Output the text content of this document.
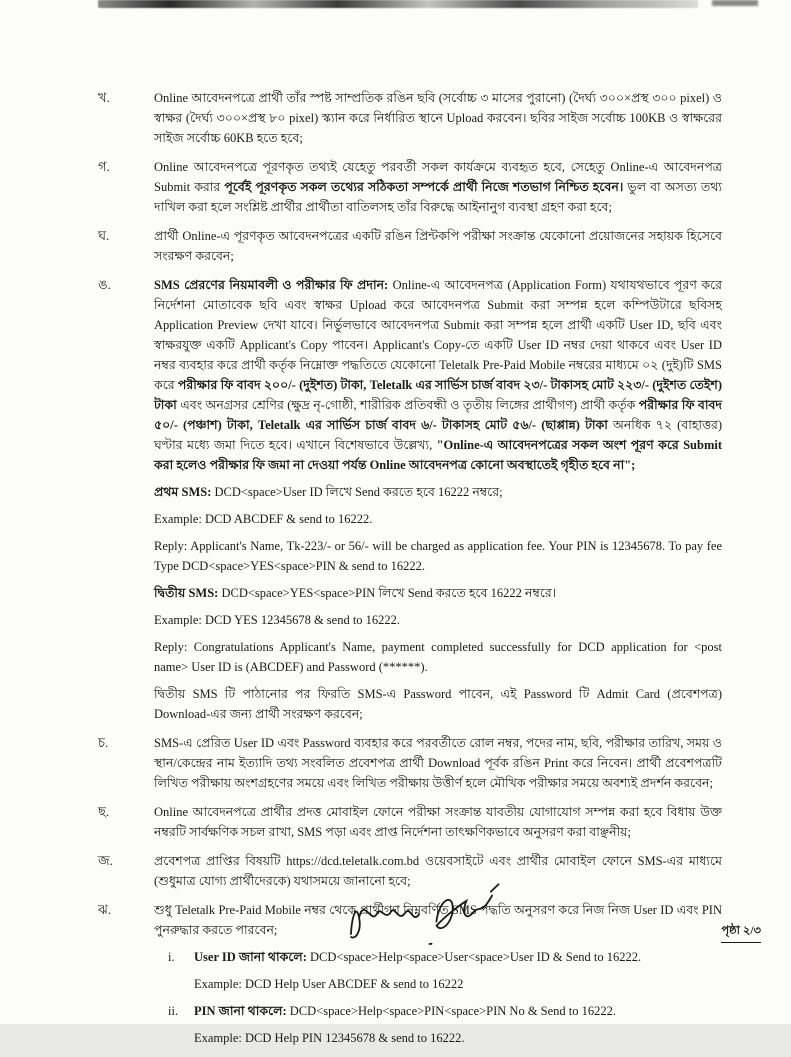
খ.	Online আবেদনপত্রে প্রার্থী তাঁর স্পষ্ট সাম্প্রতিক রঙিন ছবি (সর্বোচ্চ ৩ মাসের পুরানো) (দৈর্ঘ্য ৩০০×প্রস্থ ৩০০ pixel) ও স্বাক্ষর (দৈর্ঘ্য ৩০০×প্রস্থ ৮০ pixel) স্ক্যান করে নির্ধারিত স্থানে Upload করবেন। ছবির সাইজ সর্বোচ্চ 100KB ও স্বাক্ষরের সাইজ সর্বোচ্চ 60KB হতে হবে;

গ.	Online আবেদনপত্রে পূরণকৃত তথ্যই যেহেতু পরবর্তী সকল কার্যক্রমে ব্যবহৃত হবে, সেহেতু Online-এ আবেদনপত্র Submit করার পূর্বেই পূরণকৃত সকল তথ্যের সঠিকতা সম্পর্কে প্রার্থী নিজে শতভাগ নিশ্চিত হবেন। ভুল বা অসত্য তথ্য দাখিল করা হলে সংশ্লিষ্ট প্রার্থীর প্রার্থীতা বাতিলসহ তাঁর বিরুদ্ধে আইনানুগ ব্যবস্থা গ্রহণ করা হবে;

ঘ.	প্রার্থী Online-এ পূরণকৃত আবেদনপত্রের একটি রঙিন প্রিন্টকপি পরীক্ষা সংক্রান্ত যেকোনো প্রয়োজনের সহায়ক হিসেবে সংরক্ষণ করবেন;

ঙ.	SMS প্রেরণের নিয়মাবলী ও পরীক্ষার ফি প্রদান: Online-এ আবেদনপত্র (Application Form) যথাযথভাবে পূরণ করে নির্দেশনা মোতাবেক ছবি এবং স্বাক্ষর Upload করে আবেদনপত্র Submit করা সম্পন্ন হলে কম্পিউটারে ছবিসহ Application Preview দেখা যাবে। নির্ভুলভাবে আবেদনপত্র Submit করা সম্পন্ন হলে প্রার্থী একটি User ID, ছবি এবং স্বাক্ষরযুক্ত একটি Applicant's Copy পাবেন। Applicant's Copy-তে একটি User ID নম্বর দেয়া থাকবে এবং User ID নম্বর ব্যবহার করে প্রার্থী কর্তৃক নিম্নোক্ত পদ্ধতিতে যেকোনো Teletalk Pre-Paid Mobile নম্বরের মাধ্যমে ০২ (দুই)টি SMS করে পরীক্ষার ফি বাবদ ২০০/- (দুইশত) টাকা, Teletalk এর সার্ভিস চার্জ বাবদ ২৩/- টাকাসহ মোট ২২৩/- (দুইশত তেইশ) টাকা এবং অনগ্রসর শ্রেণির (ক্ষুদ্র নৃ-গোষ্ঠী, শারীরিক প্রতিবন্ধী ও তৃতীয় লিঙ্গের প্রার্থীগণ) প্রার্থী কর্তৃক পরীক্ষার ফি বাবদ ৫০/- (পঞ্চাশ) টাকা, Teletalk এর সার্ভিস চার্জ বাবদ ৬/- টাকাসহ মোট ৫৬/- (ছাপ্পান্ন) টাকা অনধিক ৭২ (বাহাত্তর) ঘণ্টার মধ্যে জমা দিতে হবে। এখানে বিশেষভাবে উল্লেখ্য, "Online-এ আবেদনপত্রের সকল অংশ পূরণ করে Submit করা হলেও পরীক্ষার ফি জমা না দেওয়া পর্যন্ত Online আবেদনপত্র কোনো অবস্থাতেই গৃহীত হবে না";

প্রথম SMS: DCD<space>User ID লিখে Send করতে হবে 16222 নম্বরে;

Example: DCD ABCDEF & send to 16222.

Reply: Applicant's Name, Tk-223/- or 56/- will be charged as application fee. Your PIN is 12345678. To pay fee Type DCD<space>YES<space>PIN & send to 16222.

দ্বিতীয় SMS: DCD<space>YES<space>PIN লিখে Send করতে হবে 16222 নম্বরে।

Example: DCD YES 12345678 & send to 16222.

Reply: Congratulations Applicant's Name, payment completed successfully for DCD application for <post name> User ID is (ABCDEF) and Password (******).

দ্বিতীয় SMS টি পাঠানোর পর ফিরতি SMS-এ Password পাবেন, এই Password টি Admit Card (প্রবেশপত্র) Download-এর জন্য প্রার্থী সংরক্ষণ করবেন;

চ.	SMS-এ প্রেরিত User ID এবং Password ব্যবহার করে পরবর্তীতে রোল নম্বর, পদের নাম, ছবি, পরীক্ষার তারিখ, সময় ও স্থান/কেন্দ্রের নাম ইত্যাদি তথ্য সংবলিত প্রবেশপত্র প্রার্থী Download পূর্বক রঙিন Print করে নিবেন। প্রার্থী প্রবেশপত্রটি লিখিত পরীক্ষায় অংশগ্রহণের সময়ে এবং লিখিত পরীক্ষায় উত্তীর্ণ হলে মৌখিক পরীক্ষার সময়ে অবশ্যই প্রদর্শন করবেন;

ছ.	Online আবেদনপত্রে প্রার্থীর প্রদত্ত মোবাইল ফোনে পরীক্ষা সংক্রান্ত যাবতীয় যোগাযোগ সম্পন্ন করা হবে বিধায় উক্ত নম্বরটি সার্বক্ষণিক সচল রাখা, SMS পড়া এবং প্রাপ্ত নির্দেশনা তাৎক্ষণিকভাবে অনুসরণ করা বাঞ্ছনীয়;

জ.	প্রবেশপত্র প্রাপ্তির বিষয়টি https://dcd.teletalk.com.bd ওয়েবসাইটে এবং প্রার্থীর মোবাইল ফোনে SMS-এর মাধ্যমে (শুধুমাত্র যোগ্য প্রার্থীদেরকে) যথাসময়ে জানানো হবে;

ঝ.	শুধু Teletalk Pre-Paid Mobile নম্বর থেকে প্রার্থীগণ নিম্নবর্ণিত SMS পদ্ধতি অনুসরণ করে নিজ নিজ User ID এবং PIN পুনরুদ্ধার করতে পারবেন;

i. User ID জানা থাকলে: DCD<space>Help<space>User<space>User ID & Send to 16222.

Example: DCD Help User ABCDEF & send to 16222

ii. PIN জানা থাকলে: DCD<space>Help<space>PIN<space>PIN No & Send to 16222.

Example: DCD Help PIN 12345678 & send to 16222.

পৃষ্ঠা ২/৩
